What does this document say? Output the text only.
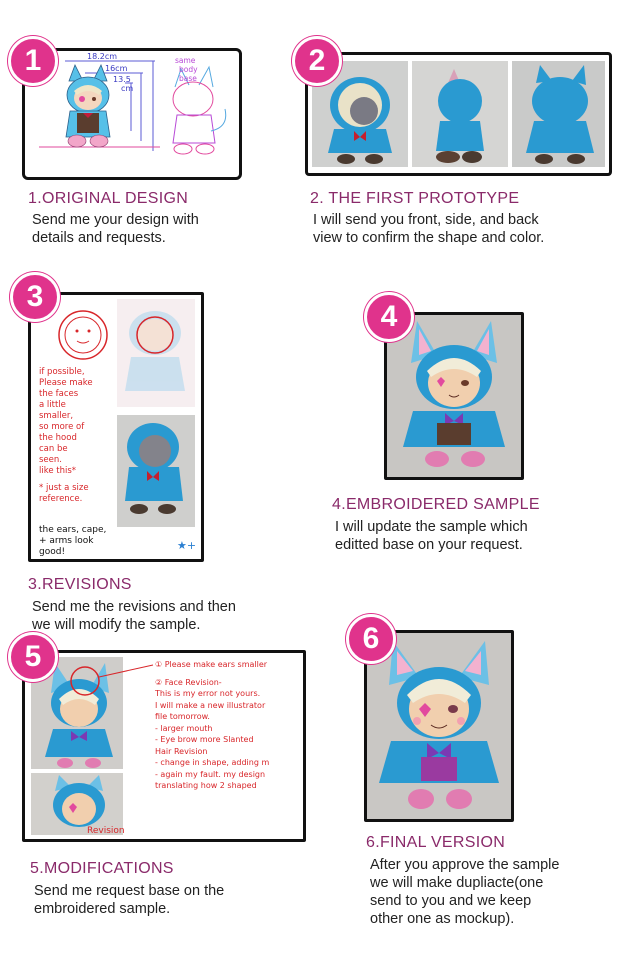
18.2cm
16cm
13.5
cm
same
body
base
1
1.ORIGINAL DESIGN
Send me your design with
details and requests.
2
2. THE FIRST PROTOTYPE
I will send you front, side, and back
view to confirm the shape and color.
★+
if possible,
Please make
the faces
a little
smaller,
so more of
the hood
can be
seen.
like this*
* just a size
reference.
the ears, cape,
+ arms look
good!
3
3.REVISIONS
Send me the revisions and then
we will modify the sample.
4
4.EMBROIDERED SAMPLE
I will update the sample which
editted base on your request.
Revision
① Please make ears smaller
② Face Revision-
This is my error not yours.
I will make a new illustrator
file tomorrow.
- larger mouth
- Eye brow more Slanted
Hair Revision
- change in shape, adding m
- again my fault. my design
translating how 2 shaped
5
5.MODIFICATIONS
Send me request base on the
embroidered sample.
6
6.FINAL VERSION
After you approve the sample
we will make dupliacte(one
send to you and we keep
other one as mockup).
